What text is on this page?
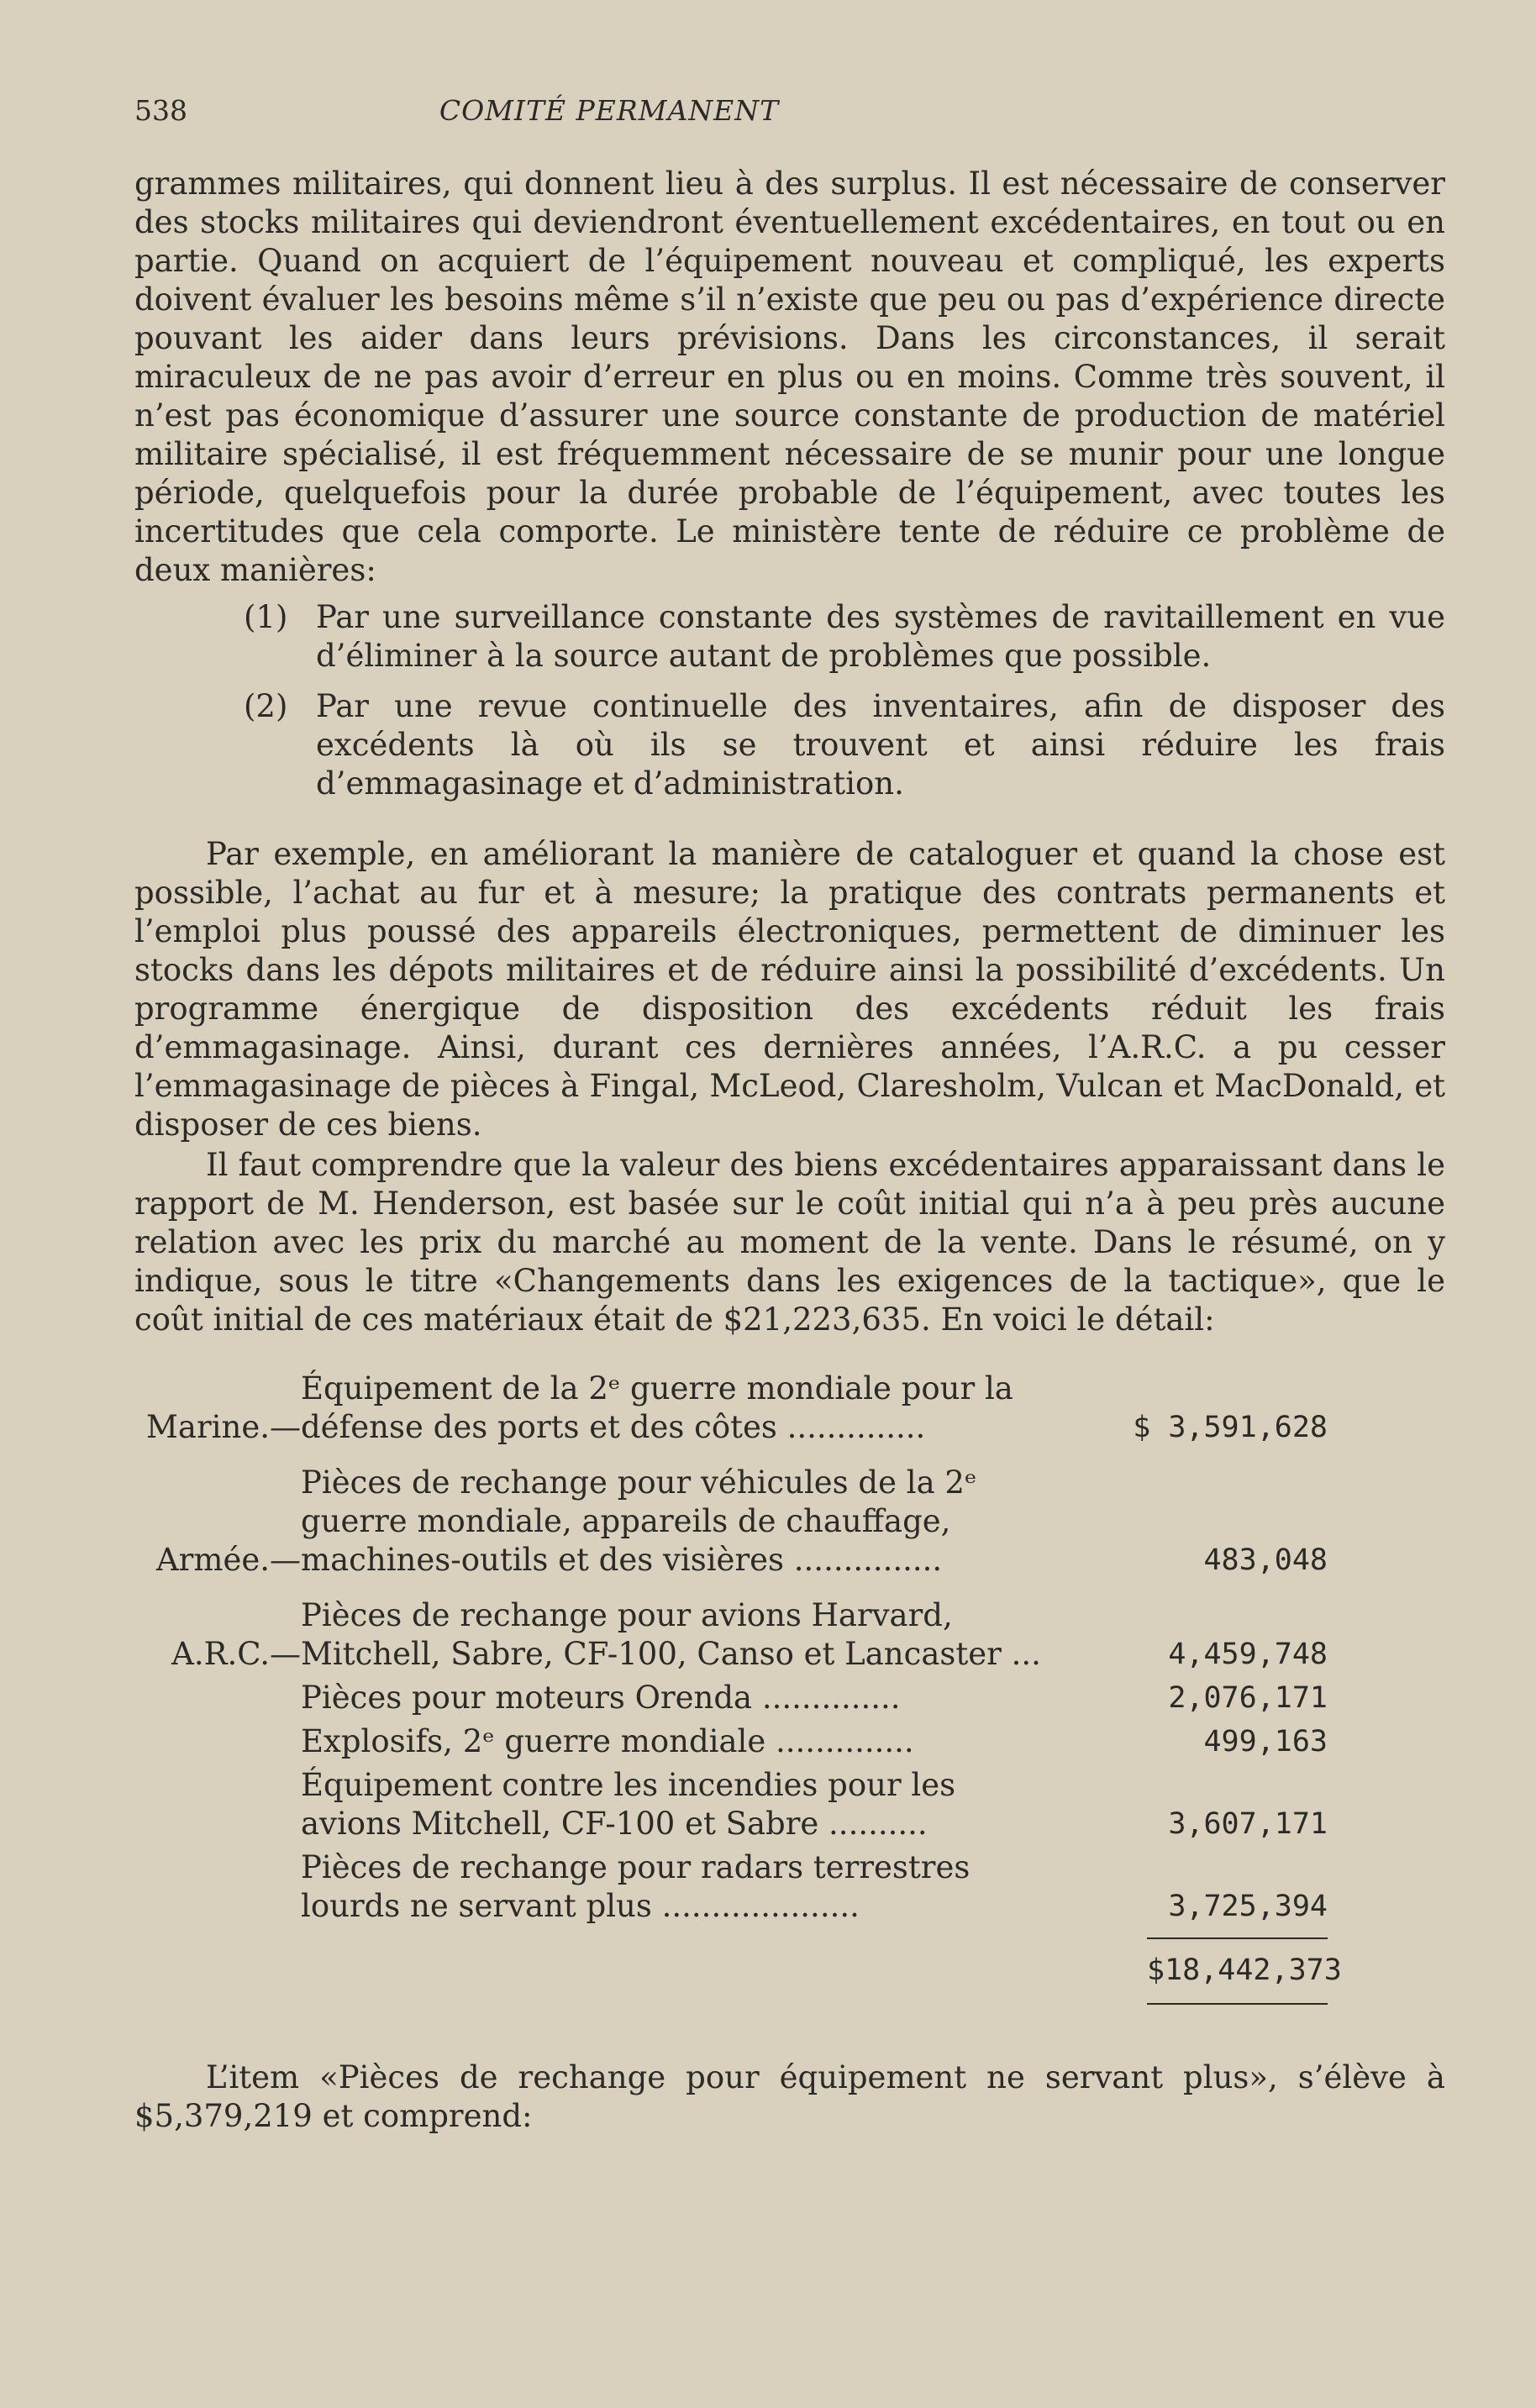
538	COMITÉ PERMANENT

grammes militaires, qui donnent lieu à des surplus. Il est nécessaire de conserver des stocks militaires qui deviendront éventuellement excédentaires, en tout ou en partie. Quand on acquiert de l’équipement nouveau et compliqué, les experts doivent évaluer les besoins même s’il n’existe que peu ou pas d’expérience directe pouvant les aider dans leurs prévisions. Dans les circonstances, il serait miraculeux de ne pas avoir d’erreur en plus ou en moins. Comme très souvent, il n’est pas économique d’assurer une source constante de production de matériel militaire spécialisé, il est fréquemment nécessaire de se munir pour une longue période, quelquefois pour la durée probable de l’équipement, avec toutes les incertitudes que cela comporte. Le ministère tente de réduire ce problème de deux manières:

(1) Par une surveillance constante des systèmes de ravitaillement en vue d’éliminer à la source autant de problèmes que possible.
(2) Par une revue continuelle des inventaires, afin de disposer des excédents là où ils se trouvent et ainsi réduire les frais d’emmagasinage et d’administration.

Par exemple, en améliorant la manière de cataloguer et quand la chose est possible, l’achat au fur et à mesure; la pratique des contrats permanents et l’emploi plus poussé des appareils électroniques, permettent de diminuer les stocks dans les dépots militaires et de réduire ainsi la possibilité d’excédents. Un programme énergique de disposition des excédents réduit les frais d’emmagasinage. Ainsi, durant ces dernières années, l’A.R.C. a pu cesser l’emmagasinage de pièces à Fingal, McLeod, Claresholm, Vulcan et MacDonald, et disposer de ces biens.

Il faut comprendre que la valeur des biens excédentaires apparaissant dans le rapport de M. Henderson, est basée sur le coût initial qui n’a à peu près aucune relation avec les prix du marché au moment de la vente. Dans le résumé, on y indique, sous le titre «Changements dans les exigences de la tactique», que le coût initial de ces matériaux était de $21,223,635. En voici le détail:

Marine.—
Équipement de la 2ᵉ guerre mondiale pour la défense des ports et des côtes ..............	$ 3,591,628
Armée.—
Pièces de rechange pour véhicules de la 2ᵉ guerre mondiale, appareils de chauffage, machines-outils et des visières ...............	483,048
A.R.C.—
Pièces de rechange pour avions Harvard, Mitchell, Sabre, CF-100, Canso et Lancaster ...	4,459,748
Pièces pour moteurs Orenda ..............	2,076,171
Explosifs, 2ᵉ guerre mondiale ..............	499,163
Équipement contre les incendies pour les avions Mitchell, CF-100 et Sabre ..........	3,607,171
Pièces de rechange pour radars terrestres lourds ne servant plus ....................	3,725,394
$18,442,373

L’item «Pièces de rechange pour équipement ne servant plus», s’élève à $5,379,219 et comprend:
